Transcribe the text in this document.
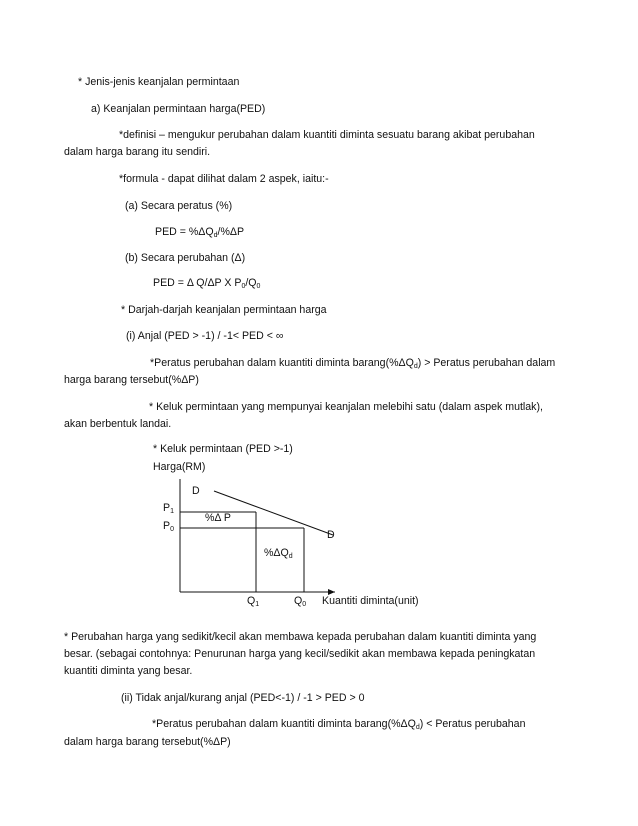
* Jenis-jenis keanjalan permintaan
a) Keanjalan permintaan harga(PED)
*definisi – mengukur perubahan dalam kuantiti diminta sesuatu barang akibat perubahan
dalam harga barang itu sendiri.
*formula - dapat dilihat dalam 2 aspek, iaitu:-
(a) Secara peratus (%)
PED = $\%\Delta Q_d/\%\Delta P$
(b) Secara perubahan (Δ)
PED = Δ Q/ΔP X $P_0/Q_0$
* Darjah-darjah keanjalan permintaan harga
(i) Anjal (PED > -1) / -1< PED < ∞
*Peratus perubahan dalam kuantiti diminta $barang(\%\Delta Q_d)$ > Peratus perubahan dalam
harga barang tersebut(%ΔP)
* Keluk permintaan yang mempunyai keanjalan melebihi satu (dalam aspek mutlak),
akan berbentuk landai.
* Keluk permintaan (PED >-1)
Harga(RM)
D
D
$P_1$
$P_0$
%Δ P
$\%\Delta Q_d$
$Q_1$	$Q_0$ Kuantiti diminta(unit)
* Perubahan harga yang sedikit/kecil akan membawa kepada perubahan dalam kuantiti diminta yang
besar. (sebagai contohnya: Penurunan harga yang kecil/sedikit akan membawa kepada peningkatan
kuantiti diminta yang besar.
(ii) Tidak anjal/kurang anjal (PED<-1) / -1 > PED > 0
*Peratus perubahan dalam kuantiti diminta $barang(\%\Delta Q_d)$ < Peratus perubahan
dalam harga barang tersebut(%ΔP)
